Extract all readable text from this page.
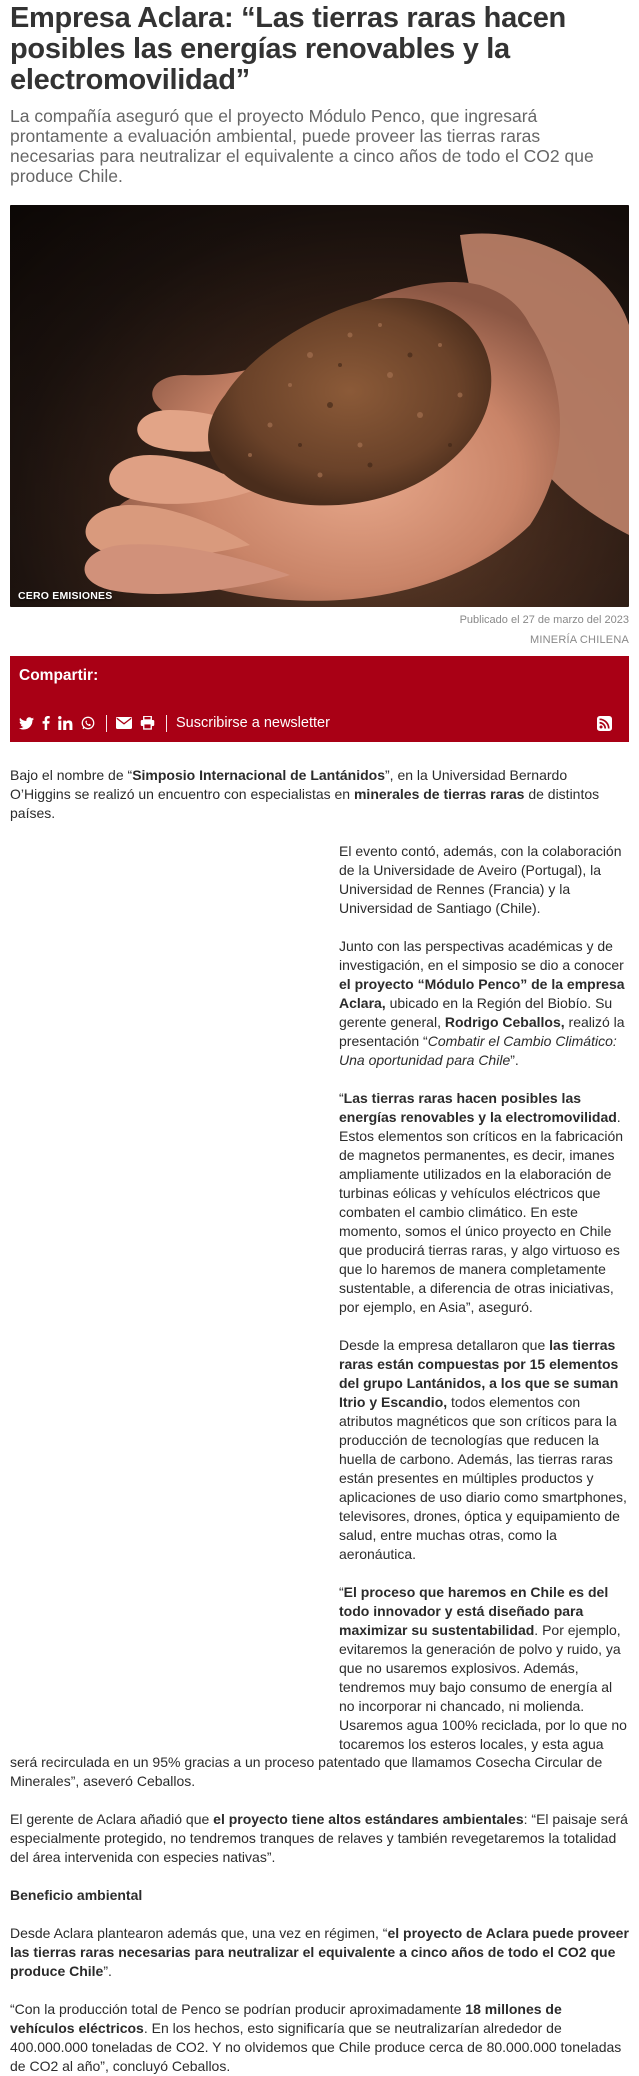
Empresa Aclara: “Las tierras raras hacen posibles las energías renovables y la electromovilidad”

La compañía aseguró que el proyecto Módulo Penco, que ingresará prontamente a evaluación ambiental, puede proveer las tierras raras necesarias para neutralizar el equivalente a cinco años de todo el CO2 que produce Chile.

CERO EMISIONES
Publicado el 27 de marzo del 2023
MINERÍA CHILENA
Compartir:
Suscribirse a newsletter

Bajo el nombre de “Simposio Internacional de Lantánidos”, en la Universidad Bernardo O’Higgins se realizó un encuentro con especialistas en minerales de tierras raras de distintos países.

El evento contó, además, con la colaboración de la Universidade de Aveiro (Portugal), la Universidad de Rennes (Francia) y la Universidad de Santiago (Chile).

Junto con las perspectivas académicas y de investigación, en el simposio se dio a conocer el proyecto “Módulo Penco” de la empresa Aclara, ubicado en la Región del Biobío. Su gerente general, Rodrigo Ceballos, realizó la presentación “Combatir el Cambio Climático: Una oportunidad para Chile”.

“Las tierras raras hacen posibles las energías renovables y la electromovilidad. Estos elementos son críticos en la fabricación de magnetos permanentes, es decir, imanes ampliamente utilizados en la elaboración de turbinas eólicas y vehículos eléctricos que combaten el cambio climático. En este momento, somos el único proyecto en Chile que producirá tierras raras, y algo virtuoso es que lo haremos de manera completamente sustentable, a diferencia de otras iniciativas, por ejemplo, en Asia”, aseguró.

Desde la empresa detallaron que las tierras raras están compuestas por 15 elementos del grupo Lantánidos, a los que se suman Itrio y Escandio, todos elementos con atributos magnéticos que son críticos para la producción de tecnologías que reducen la huella de carbono. Además, las tierras raras están presentes en múltiples productos y aplicaciones de uso diario como smartphones, televisores, drones, óptica y equipamiento de salud, entre muchas otras, como la aeronáutica.

“El proceso que haremos en Chile es del todo innovador y está diseñado para maximizar su sustentabilidad. Por ejemplo, evitaremos la generación de polvo y ruido, ya que no usaremos explosivos. Además, tendremos muy bajo consumo de energía al no incorporar ni chancado, ni molienda. Usaremos agua 100% reciclada, por lo que no tocaremos los esteros locales, y esta agua

será recirculada en un 95% gracias a un proceso patentado que llamamos Cosecha Circular de Minerales”, aseveró Ceballos.

El gerente de Aclara añadió que el proyecto tiene altos estándares ambientales: “El paisaje será especialmente protegido, no tendremos tranques de relaves y también revegetaremos la totalidad del área intervenida con especies nativas”.

Beneficio ambiental

Desde Aclara plantearon además que, una vez en régimen, “el proyecto de Aclara puede proveer las tierras raras necesarias para neutralizar el equivalente a cinco años de todo el CO2 que produce Chile”.

“Con la producción total de Penco se podrían producir aproximadamente 18 millones de vehículos eléctricos. En los hechos, esto significaría que se neutralizarían alrededor de 400.000.000 toneladas de CO2. Y no olvidemos que Chile produce cerca de 80.000.000 toneladas de CO2 al año”, concluyó Ceballos.
